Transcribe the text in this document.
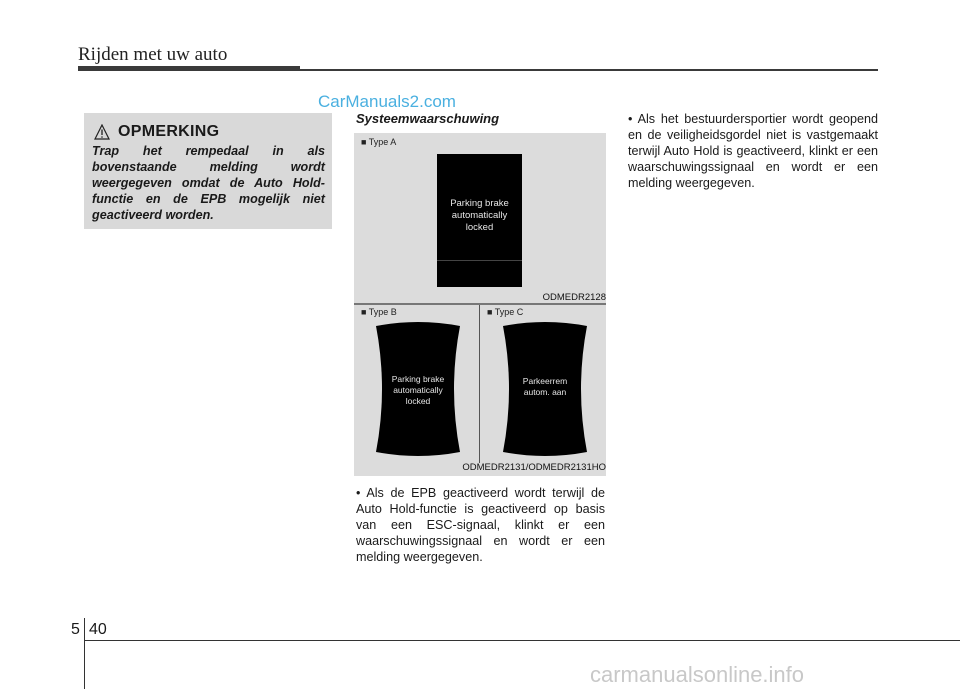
Rijden met uw auto
CarManuals2.com
OPMERKING
Trap het rempedaal in als bovenstaande melding wordt weergegeven omdat de Auto Hold-functie en de EPB mogelijk niet geactiveerd worden.
Systeemwaarschuwing
■ Type A
Parking brake
automatically
locked
ODMEDR2128
■ Type B	■ Type C
Parking brake
automatically
locked
Parkeerrem
autom. aan
ODMEDR2131/ODMEDR2131HO
• Als de EPB geactiveerd wordt terwijl de Auto Hold-functie is geactiveerd op basis van een ESC-signaal, klinkt er een waarschuwingssignaal en wordt er een melding weergegeven.
• Als het bestuurdersportier wordt geopend en de veiligheidsgordel niet is vastgemaakt terwijl Auto Hold is geactiveerd, klinkt er een waarschuwingssignaal en wordt er een melding weergegeven.
5 40
carmanualsonline.info
